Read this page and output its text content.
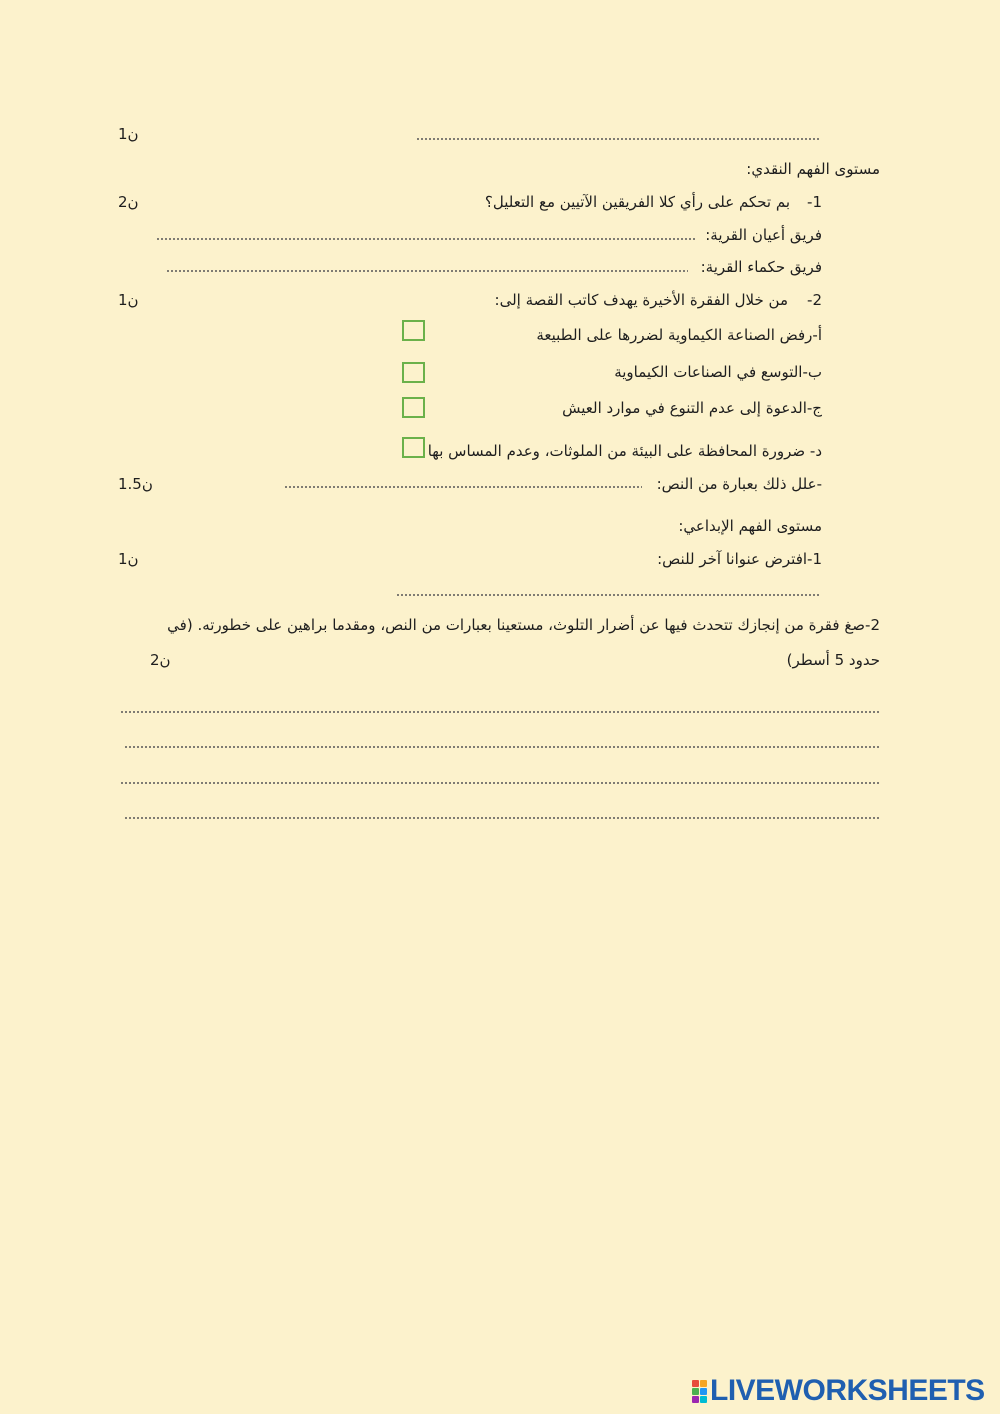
1ن
مستوى الفهم النقدي:
1-
بم تحكم على رأي كلا الفريقين الآتيين مع التعليل؟
2ن
فريق أعيان القرية:
فريق حكماء القرية:
2-
من خلال الفقرة الأخيرة يهدف كاتب القصة إلى:
1ن
أ-رفض الصناعة الكيماوية لضررها على الطبيعة
ب-التوسع في الصناعات الكيماوية
ج-الدعوة إلى عدم التنوع في موارد العيش
د- ضرورة المحافظة على البيئة من الملوثات، وعدم المساس بها
-علل ذلك بعبارة من النص:
1.5ن
مستوى الفهم الإبداعي:
1-افترض عنوانا آخر للنص:
1ن
2-صغ فقرة من إنجازك تتحدث فيها عن أضرار التلوث، مستعينا بعبارات من النص، ومقدما براهين على خطورته. (في
حدود 5 أسطر)
2ن
LIVEWORKSHEETS
